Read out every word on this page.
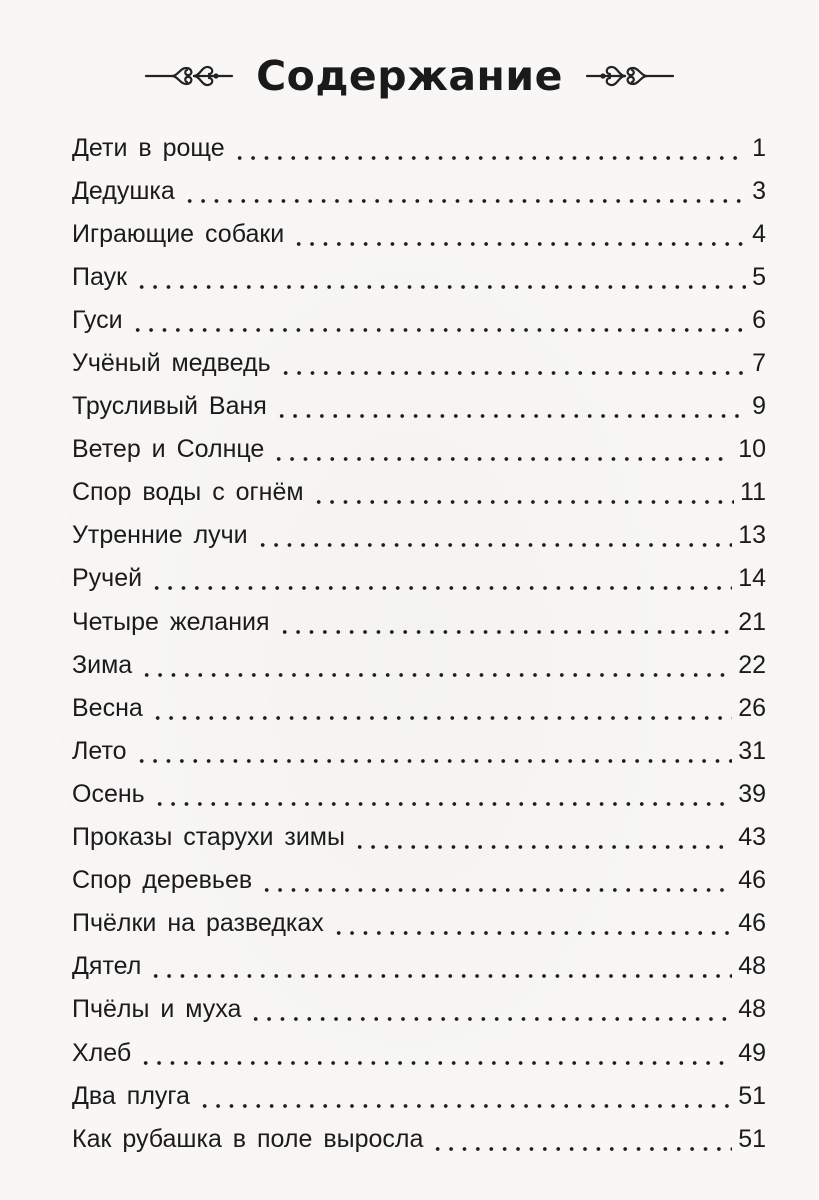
Содержание
Дети в роще	1
Дедушка	3
Играющие собаки	4
Паук	5
Гуси	6
Учёный медведь	7
Трусливый Ваня	9
Ветер и Солнце	10
Спор воды с огнём	11
Утренние лучи	13
Ручей	14
Четыре желания	21
Зима	22
Весна	26
Лето	31
Осень	39
Проказы старухи зимы	43
Спор деревьев	46
Пчёлки на разведках	46
Дятел	48
Пчёлы и муха	48
Хлеб	49
Два плуга	51
Как рубашка в поле выросла	51
